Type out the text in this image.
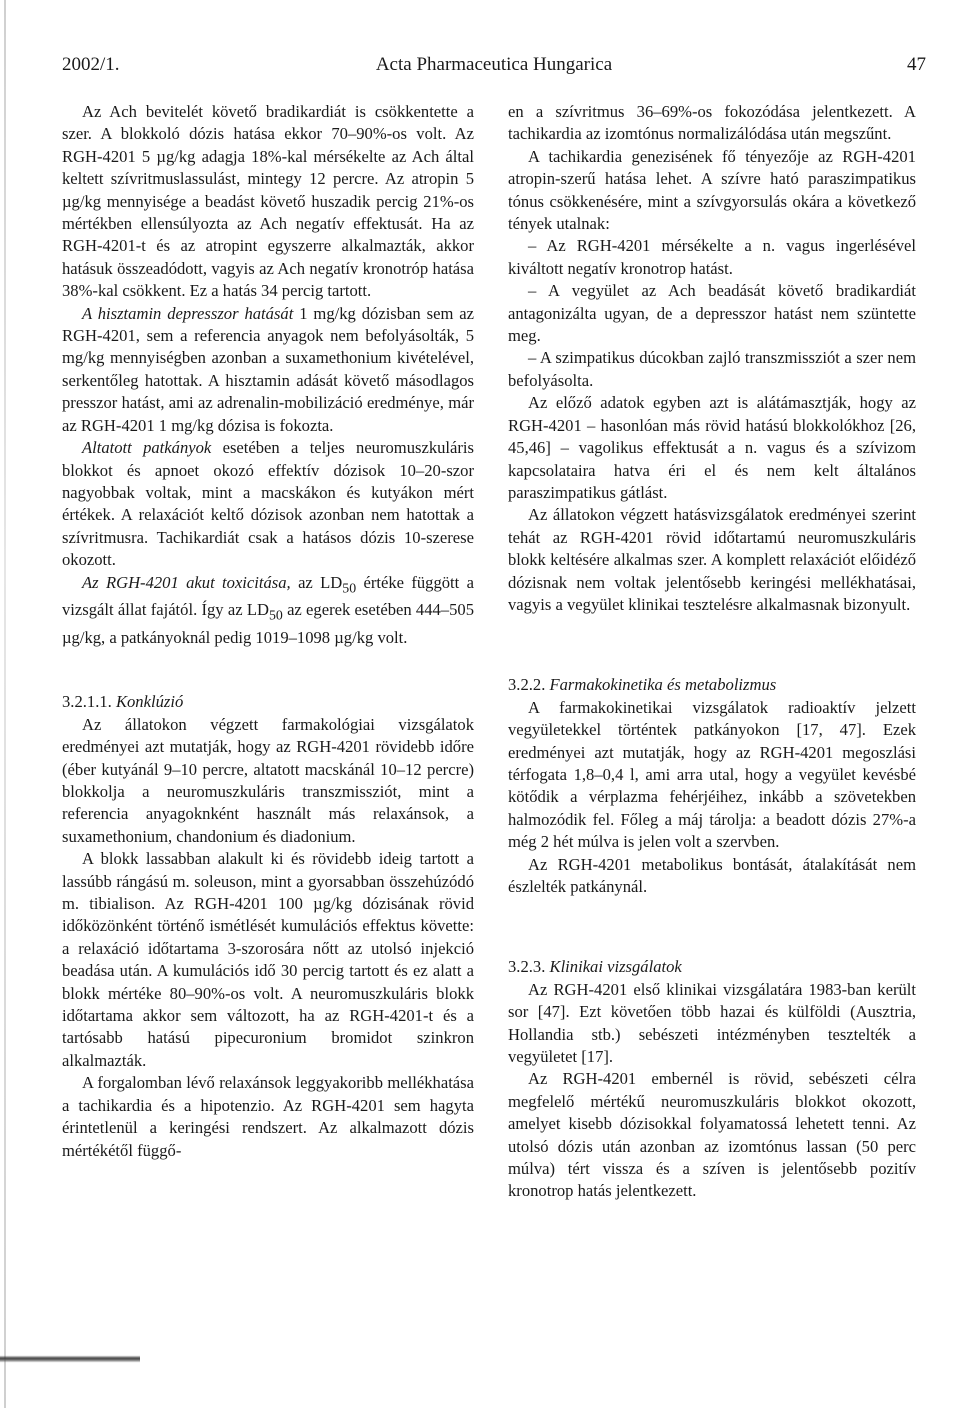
2002/1.	Acta Pharmaceutica Hungarica	47

Az Ach bevitelét követő bradikardiát is csökkentette a szer. A blokkoló dózis hatása ekkor 70–90%-os volt. Az RGH-4201 5 µg/kg adagja 18%-kal mérsékelte az Ach által keltett szívritmuslassulást, mintegy 12 percre. Az atropin 5 µg/kg mennyisége a beadást követő huszadik percig 21%-os mértékben ellensúlyozta az Ach negatív effektusát. Ha az RGH-4201-t és az atropint egyszerre alkalmazták, akkor hatásuk összeadódott, vagyis az Ach negatív kronotróp hatása 38%-kal csökkent. Ez a hatás 34 percig tartott.

A hisztamin depresszor hatását 1 mg/kg dózisban sem az RGH-4201, sem a referencia anyagok nem befolyásolták, 5 mg/kg mennyiségben azonban a suxamethonium kivételével, serkentőleg hatottak. A hisztamin adását követő másodlagos presszor hatást, ami az adrenalin-mobilizáció eredménye, már az RGH-4201 1 mg/kg dózisa is fokozta.

Altatott patkányok esetében a teljes neuromuszkuláris blokkot és apnoet okozó effektív dózisok 10–20-szor nagyobbak voltak, mint a macskákon és kutyákon mért értékek. A relaxációt keltő dózisok azonban nem hatottak a szívritmusra. Tachikardiát csak a hatásos dózis 10-szerese okozott.

Az RGH-4201 akut toxicitása, az $LD_{50}$ értéke függött a vizsgált állat fajától. Így az $LD_{50}$ az egerek esetében 444–505 µg/kg, a patkányoknál pedig 1019–1098 µg/kg volt.

3.2.1.1. Konklúzió

Az állatokon végzett farmakológiai vizsgálatok eredményei azt mutatják, hogy az RGH-4201 rövidebb időre (éber kutyánál 9–10 percre, altatott macskánál 10–12 percre) blokkolja a neuromuszkuláris transzmissziót, mint a referencia anyagoknként használt más relaxánsok, a suxamethonium, chandonium és diadonium.

A blokk lassabban alakult ki és rövidebb ideig tartott a lassúbb rángású m. soleuson, mint a gyorsabban összehúzódó m. tibialison. Az RGH-4201 100 µg/kg dózisának rövid időközönként történő ismétlését kumulációs effektus követte: a relaxáció időtartama 3-szorosára nőtt az utolsó injekció beadása után. A kumulációs idő 30 percig tartott és ez alatt a blokk mértéke 80–90%-os volt. A neuromuszkuláris blokk időtartama akkor sem változott, ha az RGH-4201-t és a tartósabb hatású pipecuronium bromidot szinkron alkalmazták.

A forgalomban lévő relaxánsok leggyakoribb mellékhatása a tachikardia és a hipotenzio. Az RGH-4201 sem hagyta érintetlenül a keringési rendszert. Az alkalmazott dózis mértékétől függő-

en a szívritmus 36–69%-os fokozódása jelentkezett. A tachikardia az izomtónus normalizálódása után megszűnt.

A tachikardia genezisének fő tényezője az RGH-4201 atropin-szerű hatása lehet. A szívre ható paraszimpatikus tónus csökkenésére, mint a szívgyorsulás okára a következő tények utalnak:

– Az RGH-4201 mérsékelte a n. vagus ingerlésével kiváltott negatív kronotrop hatást.

– A vegyület az Ach beadását követő bradikardiát antagonizálta ugyan, de a depresszor hatást nem szüntette meg.

– A szimpatikus dúcokban zajló transzmissziót a szer nem befolyásolta.

Az előző adatok egyben azt is alátámasztják, hogy az RGH-4201 – hasonlóan más rövid hatású blokkolókhoz [26, 45,46] – vagolikus effektusát a n. vagus és a szívizom kapcsolataira hatva éri el és nem kelt általános paraszimpatikus gátlást.

Az állatokon végzett hatásvizsgálatok eredményei szerint tehát az RGH-4201 rövid időtartamú neuromuszkuláris blokk keltésére alkalmas szer. A komplett relaxációt előidéző dózisnak nem voltak jelentősebb keringési mellékhatásai, vagyis a vegyület klinikai tesztelésre alkalmasnak bizonyult.

3.2.2. Farmakokinetika és metabolizmus

A farmakokinetikai vizsgálatok radioaktív jelzett vegyületekkel történtek patkányokon [17, 47]. Ezek eredményei azt mutatják, hogy az RGH-4201 megoszlási térfogata 1,8–0,4 l, ami arra utal, hogy a vegyület kevésbé kötődik a vérplazma fehérjéihez, inkább a szövetekben halmozódik fel. Főleg a máj tárolja: a beadott dózis 27%-a még 2 hét múlva is jelen volt a szervben.

Az RGH-4201 metabolikus bontását, átalakítását nem észlelték patkánynál.

3.2.3. Klinikai vizsgálatok

Az RGH-4201 első klinikai vizsgálatára 1983-ban került sor [47]. Ezt követően több hazai és külföldi (Ausztria, Hollandia stb.) sebészeti intézményben tesztelték a vegyületet [17].

Az RGH-4201 embernél is rövid, sebészeti célra megfelelő mértékű neuromuszkuláris blokkot okozott, amelyet kisebb dózisokkal folyamatossá lehetett tenni. Az utolsó dózis után azonban az izomtónus lassan (50 perc múlva) tért vissza és a szíven is jelentősebb pozitív kronotrop hatás jelentkezett.
